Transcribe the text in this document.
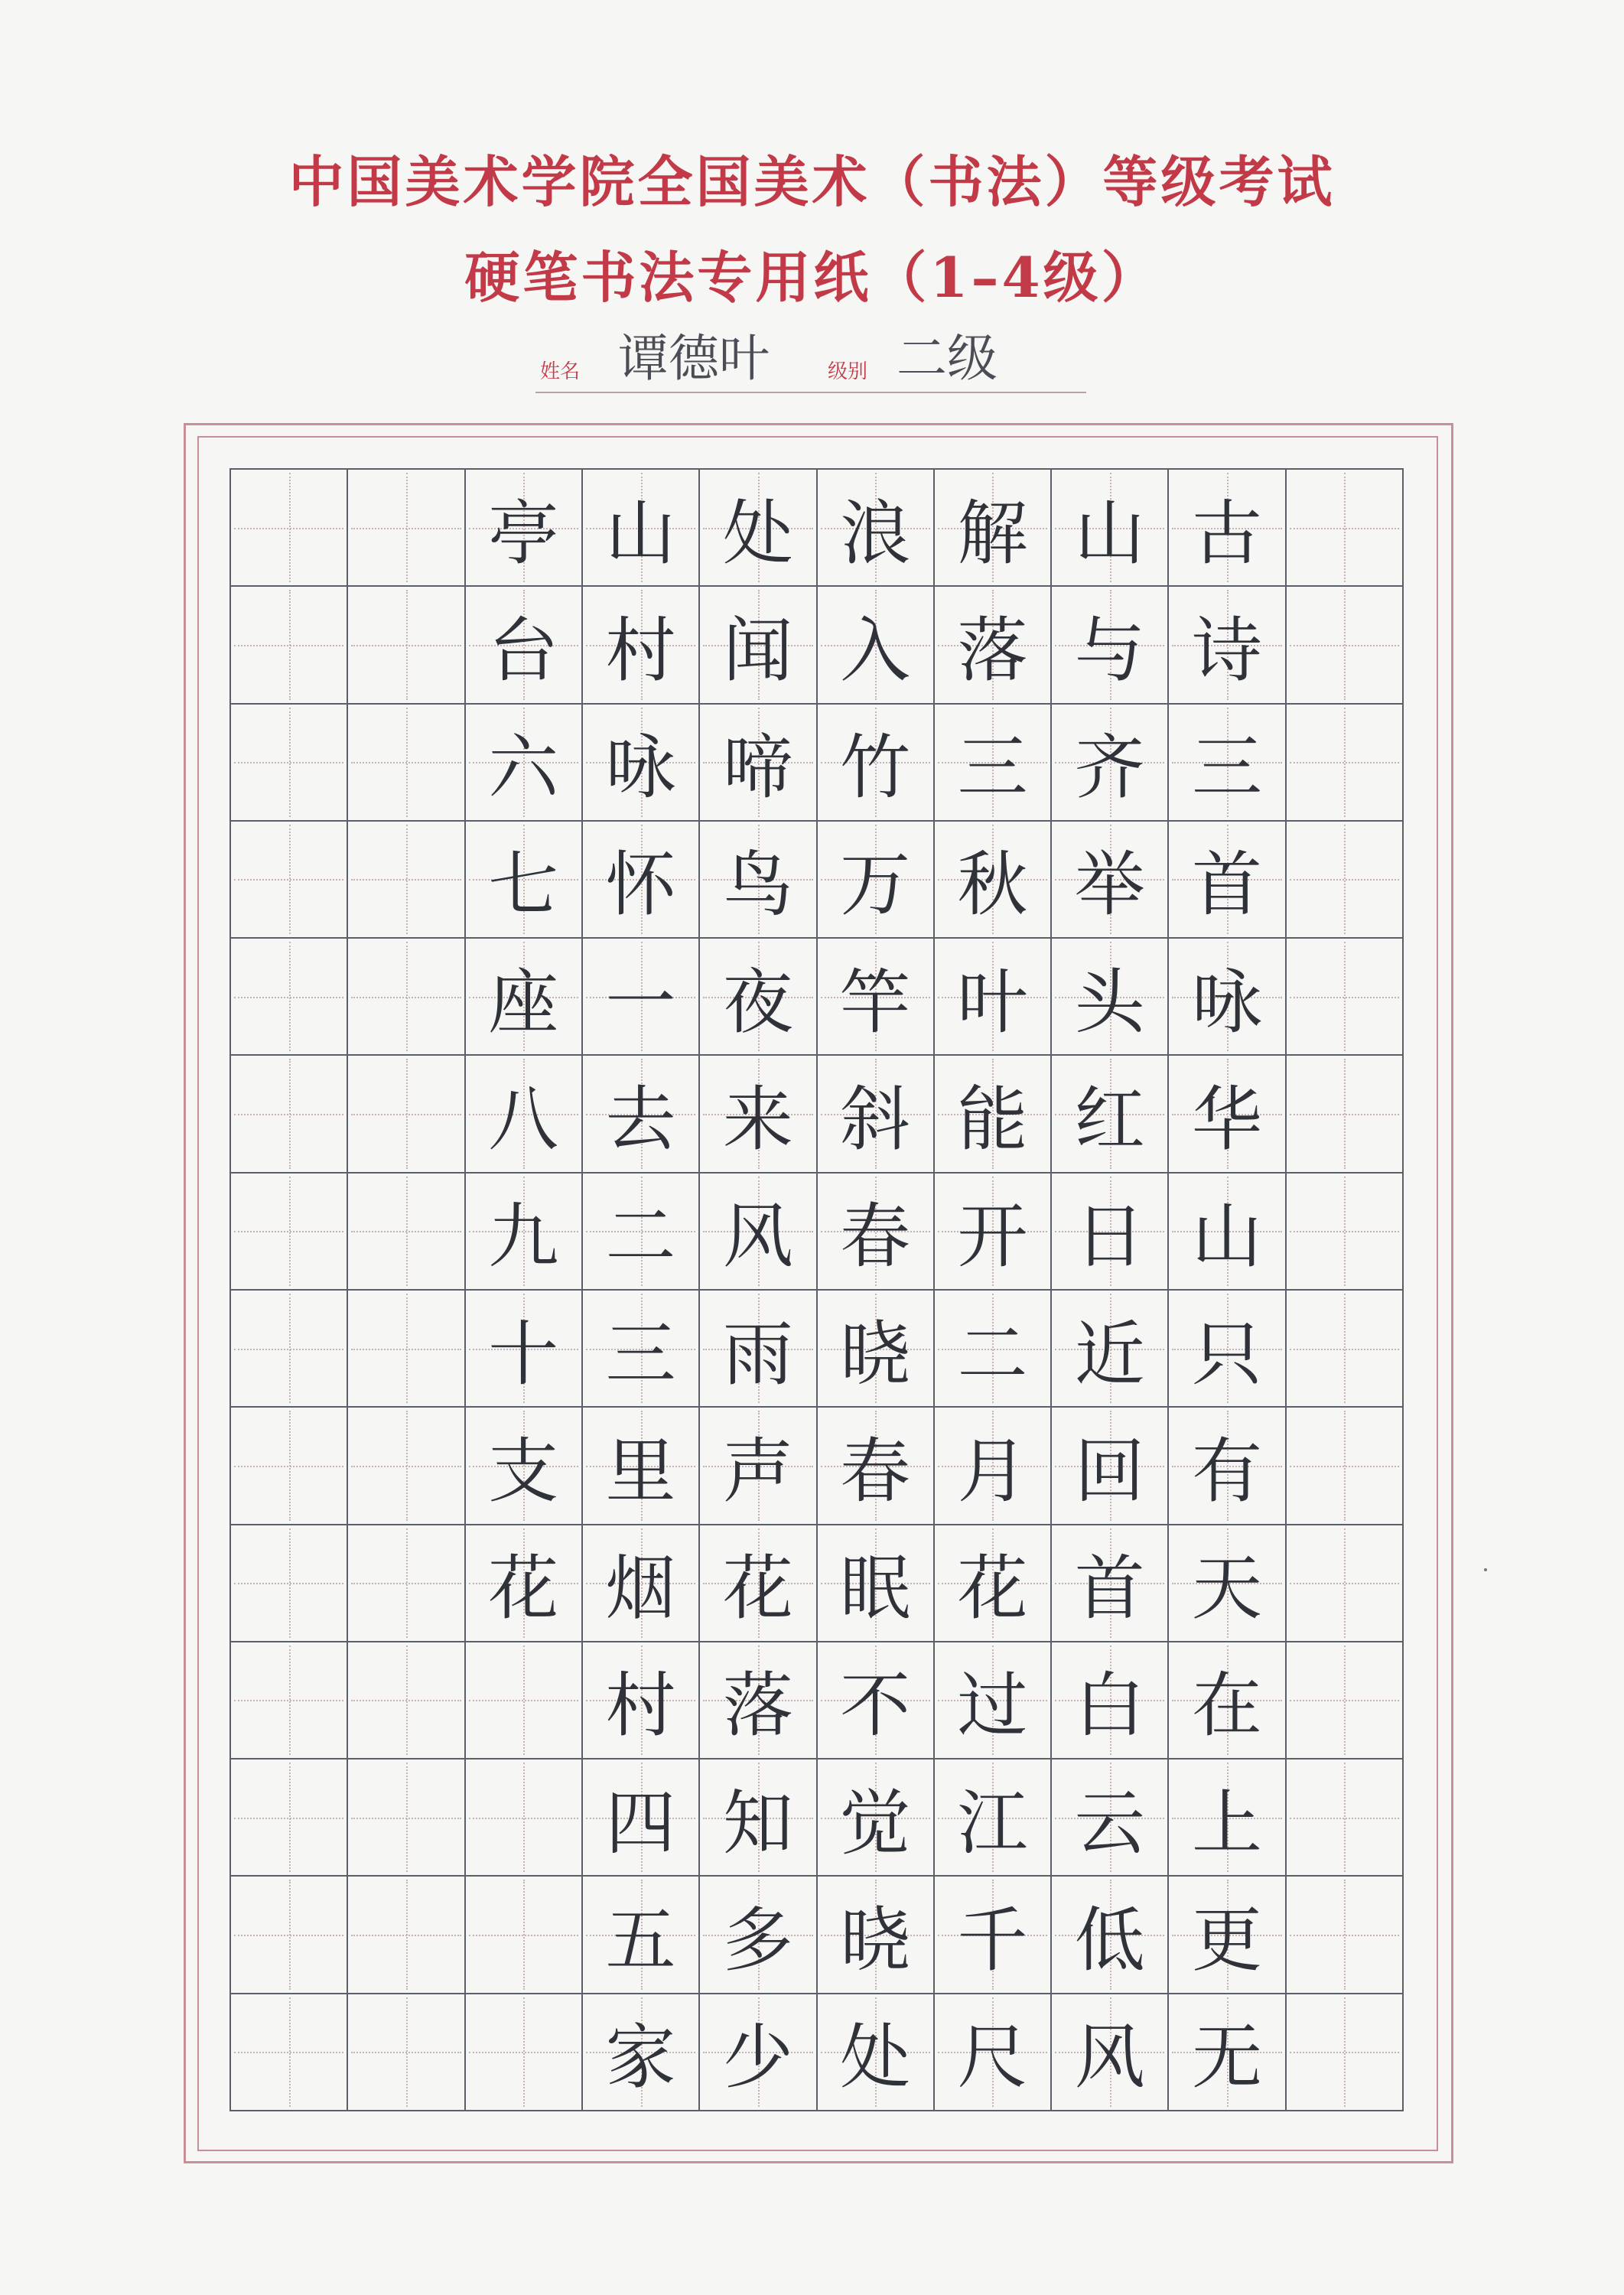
中国美术学院全国美术（书法）等级考试
硬笔书法专用纸（1–4级）
姓名 谭德叶	级别 二级
亭 山 处 浪 解 山 古
台 村 闻 入 落 与 诗
六 咏 啼 竹 三 齐 三
七 怀 鸟 万 秋 举 首
座 一 夜 竿 叶 头 咏
八 去 来 斜 能 红 华
九 二 风 春 开 日 山
十 三 雨 晓 二 近 只
支 里 声 春 月 回 有
花 烟 花 眠 花 首 天
村 落 不 过 白 在
四 知 觉 江 云 上
五 多 晓 千 低 更
家 少 处 尺 风 无
